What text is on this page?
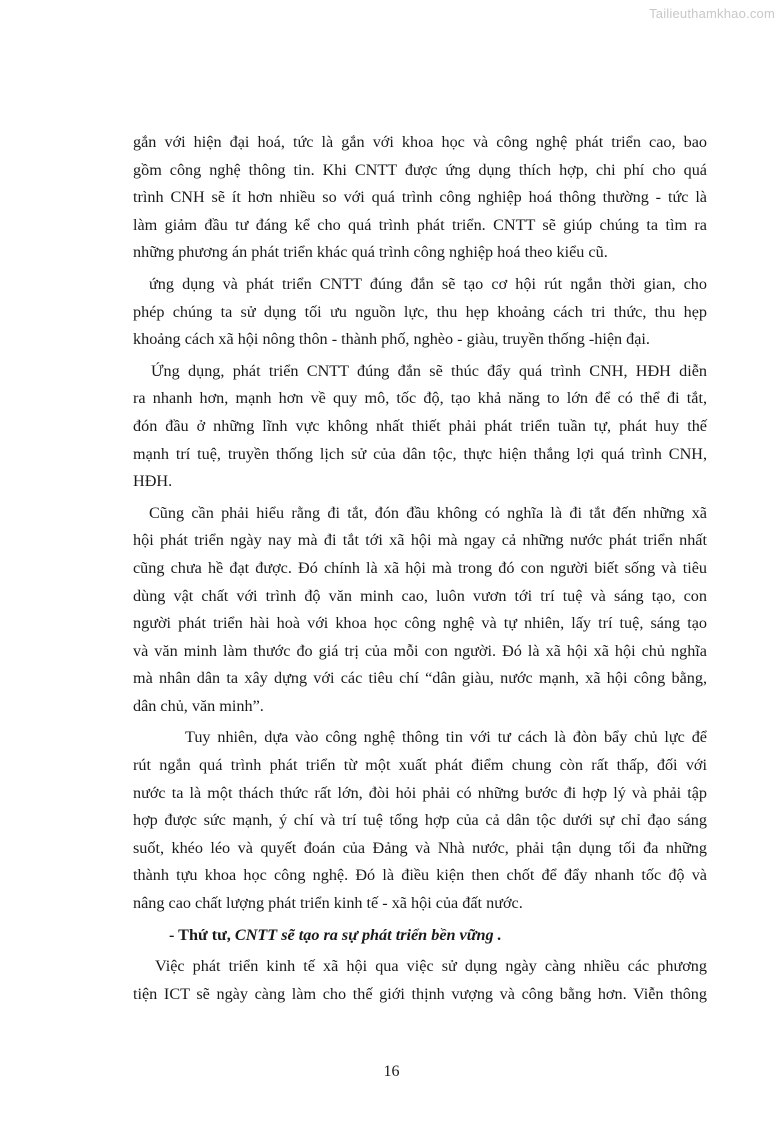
Tailieuthamkhao.com
gắn với hiện đại hoá, tức là gắn với khoa học và công nghệ phát triển cao, bao
gồm công nghệ thông tin. Khi CNTT được ứng dụng thích hợp, chi phí cho quá
trình CNH sẽ ít hơn nhiều so với quá trình công nghiệp hoá thông thường - tức là
làm giảm đầu tư đáng kể cho quá trình phát triển. CNTT sẽ giúp chúng ta tìm ra
những phương án phát triển khác quá trình công nghiệp hoá theo kiểu cũ.
ứng dụng và phát triển CNTT đúng đắn sẽ tạo cơ hội rút ngắn thời gian, cho
phép chúng ta sử dụng tối ưu nguồn lực, thu hẹp khoảng cách tri thức, thu hẹp
khoảng cách xã hội nông thôn - thành phố, nghèo - giàu, truyền thống -hiện đại.
Ứng dụng, phát triển CNTT đúng đắn sẽ thúc đẩy quá trình CNH, HĐH diễn
ra nhanh hơn, mạnh hơn về quy mô, tốc độ, tạo khả năng to lớn để có thể đi tắt,
đón đầu ở những lĩnh vực không nhất thiết phải phát triển tuần tự, phát huy thế
mạnh trí tuệ, truyền thống lịch sử của dân tộc, thực hiện thắng lợi quá trình CNH,
HĐH.
Cũng cần phải hiểu rằng đi tắt, đón đầu không có nghĩa là đi tắt đến những xã
hội phát triển ngày nay mà đi tắt tới xã hội mà ngay cả những nước phát triển nhất
cũng chưa hề đạt được. Đó chính là xã hội mà trong đó con người biết sống và tiêu
dùng vật chất với trình độ văn minh cao, luôn vươn tới trí tuệ và sáng tạo, con
người phát triển hài hoà với khoa học công nghệ và tự nhiên, lấy trí tuệ, sáng tạo
và văn minh làm thước đo giá trị của mỗi con người. Đó là xã hội xã hội chủ nghĩa
mà nhân dân ta xây dựng với các tiêu chí “dân giàu, nước mạnh, xã hội công bằng,
dân chủ, văn minh”.
Tuy nhiên, dựa vào công nghệ thông tin với tư cách là đòn bẩy chủ lực để
rút ngắn quá trình phát triển từ một xuất phát điểm chung còn rất thấp, đối với
nước ta là một thách thức rất lớn, đòi hỏi phải có những bước đi hợp lý và phải tập
hợp được sức mạnh, ý chí và trí tuệ tổng hợp của cả dân tộc dưới sự chỉ đạo sáng
suốt, khéo léo và quyết đoán của Đảng và Nhà nước, phải tận dụng tối đa những
thành tựu khoa học công nghệ. Đó là điều kiện then chốt để đẩy nhanh tốc độ và
nâng cao chất lượng phát triển kinh tế - xã hội của đất nước.
- Thứ tư, CNTT sẽ tạo ra sự phát triển bền vững .
Việc phát triển kinh tế xã hội qua việc sử dụng ngày càng nhiều các phương
tiện ICT sẽ ngày càng làm cho thế giới thịnh vượng và công bằng hơn. Viễn thông
16
